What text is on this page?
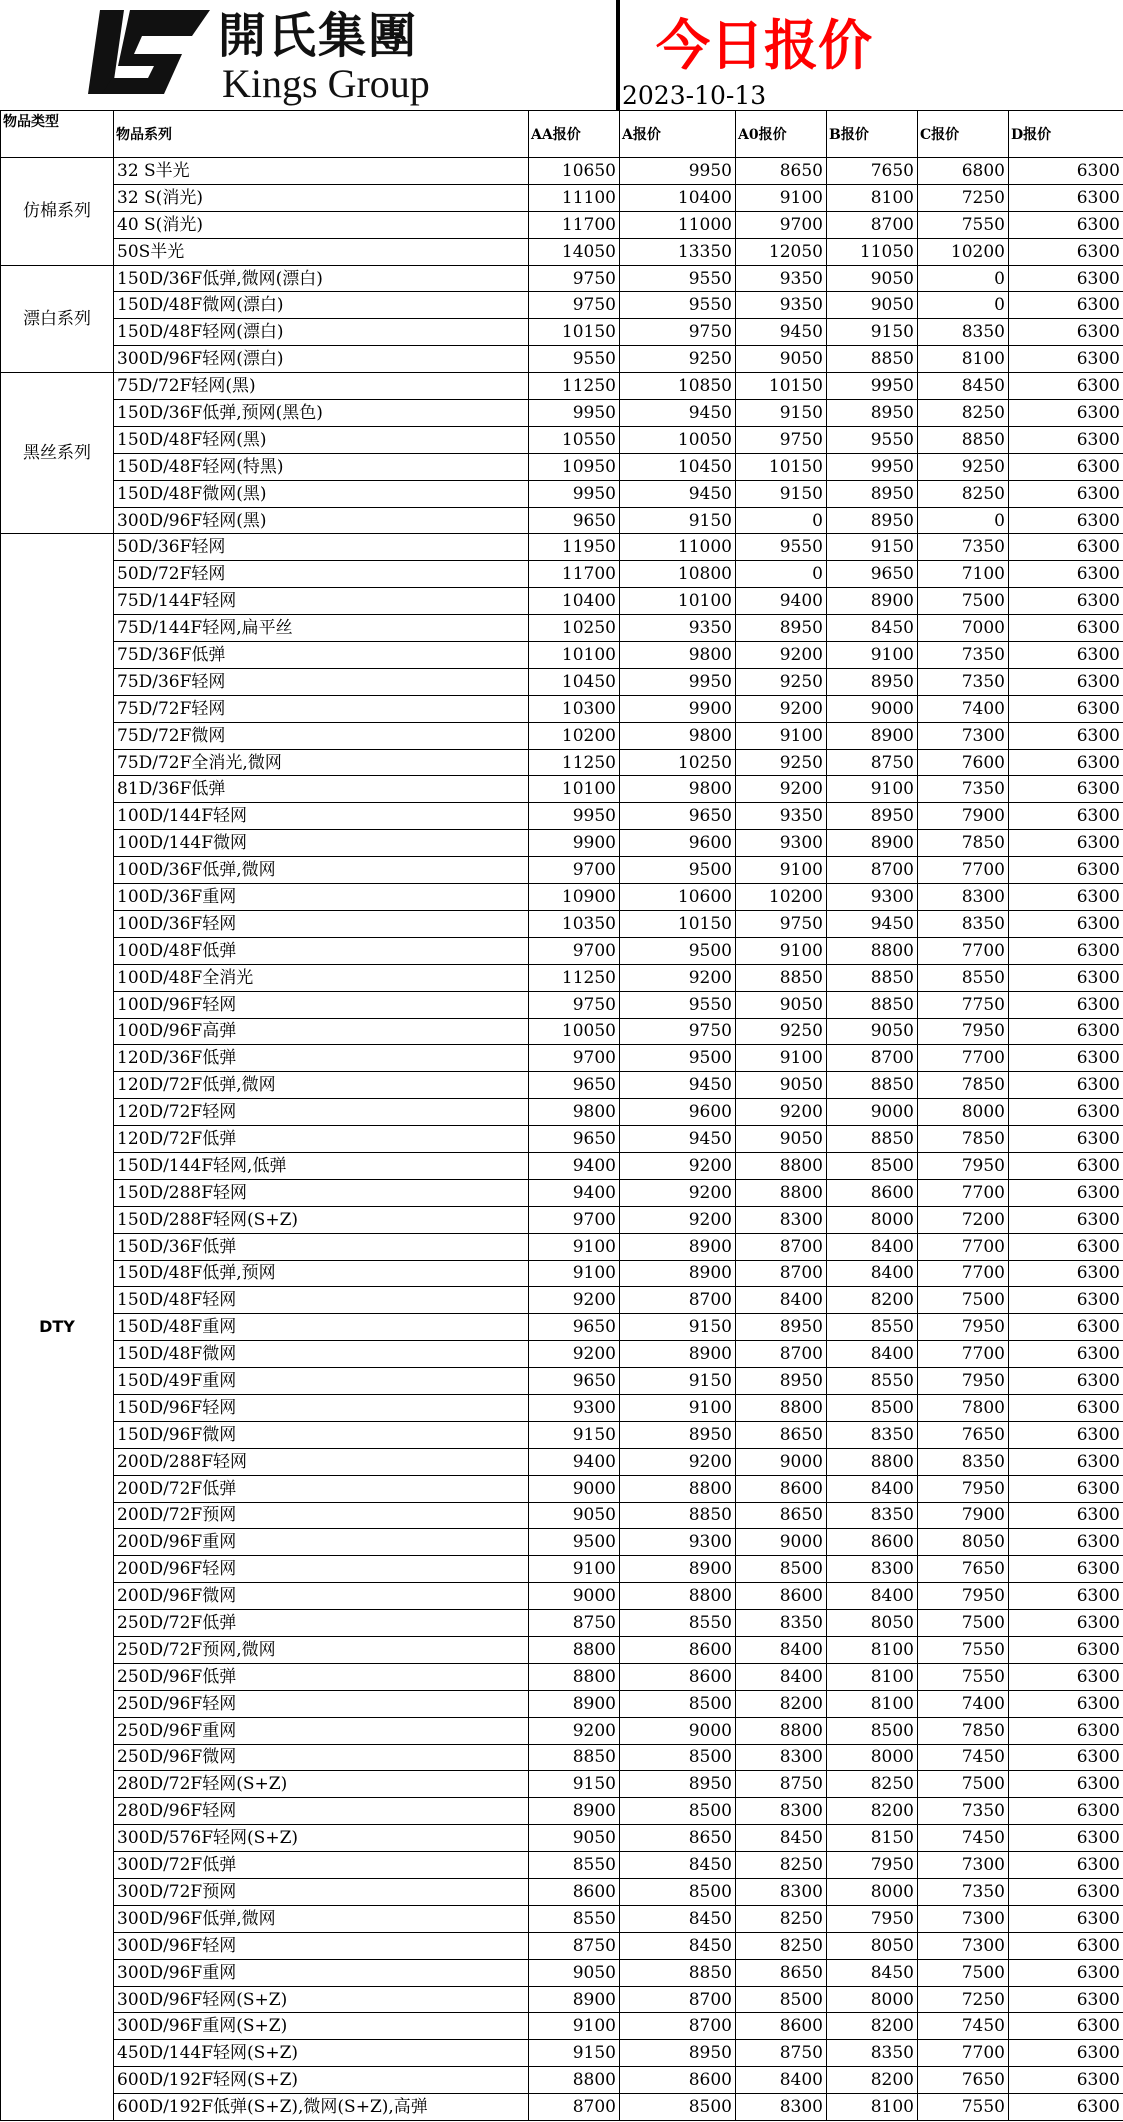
開氏集團
Kings Group
今日报价
2023-10-13
物品类型	物品系列	AA报价	A报价	A0报价	B报价	C报价	D报价
仿棉系列	32 S半光	10650	9950	8650	7650	6800	6300
	32 S(消光)	11100	10400	9100	8100	7250	6300
	40 S(消光)	11700	11000	9700	8700	7550	6300
	50S半光	14050	13350	12050	11050	10200	6300
漂白系列	150D/36F低弹,微网(漂白)	9750	9550	9350	9050	0	6300
	150D/48F微网(漂白)	9750	9550	9350	9050	0	6300
	150D/48F轻网(漂白)	10150	9750	9450	9150	8350	6300
	300D/96F轻网(漂白)	9550	9250	9050	8850	8100	6300
黑丝系列	75D/72F轻网(黑)	11250	10850	10150	9950	8450	6300
	150D/36F低弹,预网(黑色)	9950	9450	9150	8950	8250	6300
	150D/48F轻网(黑)	10550	10050	9750	9550	8850	6300
	150D/48F轻网(特黑)	10950	10450	10150	9950	9250	6300
	150D/48F微网(黑)	9950	9450	9150	8950	8250	6300
	300D/96F轻网(黑)	9650	9150	0	8950	0	6300
DTY	50D/36F轻网	11950	11000	9550	9150	7350	6300
	50D/72F轻网	11700	10800	0	9650	7100	6300
	75D/144F轻网	10400	10100	9400	8900	7500	6300
	75D/144F轻网,扁平丝	10250	9350	8950	8450	7000	6300
	75D/36F低弹	10100	9800	9200	9100	7350	6300
	75D/36F轻网	10450	9950	9250	8950	7350	6300
	75D/72F轻网	10300	9900	9200	9000	7400	6300
	75D/72F微网	10200	9800	9100	8900	7300	6300
	75D/72F全消光,微网	11250	10250	9250	8750	7600	6300
	81D/36F低弹	10100	9800	9200	9100	7350	6300
	100D/144F轻网	9950	9650	9350	8950	7900	6300
	100D/144F微网	9900	9600	9300	8900	7850	6300
	100D/36F低弹,微网	9700	9500	9100	8700	7700	6300
	100D/36F重网	10900	10600	10200	9300	8300	6300
	100D/36F轻网	10350	10150	9750	9450	8350	6300
	100D/48F低弹	9700	9500	9100	8800	7700	6300
	100D/48F全消光	11250	9200	8850	8850	8550	6300
	100D/96F轻网	9750	9550	9050	8850	7750	6300
	100D/96F高弹	10050	9750	9250	9050	7950	6300
	120D/36F低弹	9700	9500	9100	8700	7700	6300
	120D/72F低弹,微网	9650	9450	9050	8850	7850	6300
	120D/72F轻网	9800	9600	9200	9000	8000	6300
	120D/72F低弹	9650	9450	9050	8850	7850	6300
	150D/144F轻网,低弹	9400	9200	8800	8500	7950	6300
	150D/288F轻网	9400	9200	8800	8600	7700	6300
	150D/288F轻网(S+Z)	9700	9200	8300	8000	7200	6300
	150D/36F低弹	9100	8900	8700	8400	7700	6300
	150D/48F低弹,预网	9100	8900	8700	8400	7700	6300
	150D/48F轻网	9200	8700	8400	8200	7500	6300
	150D/48F重网	9650	9150	8950	8550	7950	6300
	150D/48F微网	9200	8900	8700	8400	7700	6300
	150D/49F重网	9650	9150	8950	8550	7950	6300
	150D/96F轻网	9300	9100	8800	8500	7800	6300
	150D/96F微网	9150	8950	8650	8350	7650	6300
	200D/288F轻网	9400	9200	9000	8800	8350	6300
	200D/72F低弹	9000	8800	8600	8400	7950	6300
	200D/72F预网	9050	8850	8650	8350	7900	6300
	200D/96F重网	9500	9300	9000	8600	8050	6300
	200D/96F轻网	9100	8900	8500	8300	7650	6300
	200D/96F微网	9000	8800	8600	8400	7950	6300
	250D/72F低弹	8750	8550	8350	8050	7500	6300
	250D/72F预网,微网	8800	8600	8400	8100	7550	6300
	250D/96F低弹	8800	8600	8400	8100	7550	6300
	250D/96F轻网	8900	8500	8200	8100	7400	6300
	250D/96F重网	9200	9000	8800	8500	7850	6300
	250D/96F微网	8850	8500	8300	8000	7450	6300
	280D/72F轻网(S+Z)	9150	8950	8750	8250	7500	6300
	280D/96F轻网	8900	8500	8300	8200	7350	6300
	300D/576F轻网(S+Z)	9050	8650	8450	8150	7450	6300
	300D/72F低弹	8550	8450	8250	7950	7300	6300
	300D/72F预网	8600	8500	8300	8000	7350	6300
	300D/96F低弹,微网	8550	8450	8250	7950	7300	6300
	300D/96F轻网	8750	8450	8250	8050	7300	6300
	300D/96F重网	9050	8850	8650	8450	7500	6300
	300D/96F轻网(S+Z)	8900	8700	8500	8000	7250	6300
	300D/96F重网(S+Z)	9100	8700	8600	8200	7450	6300
	450D/144F轻网(S+Z)	9150	8950	8750	8350	7700	6300
	600D/192F轻网(S+Z)	8800	8600	8400	8200	7650	6300
	600D/192F低弹(S+Z),微网(S+Z),高弹	8700	8500	8300	8100	7550	6300
